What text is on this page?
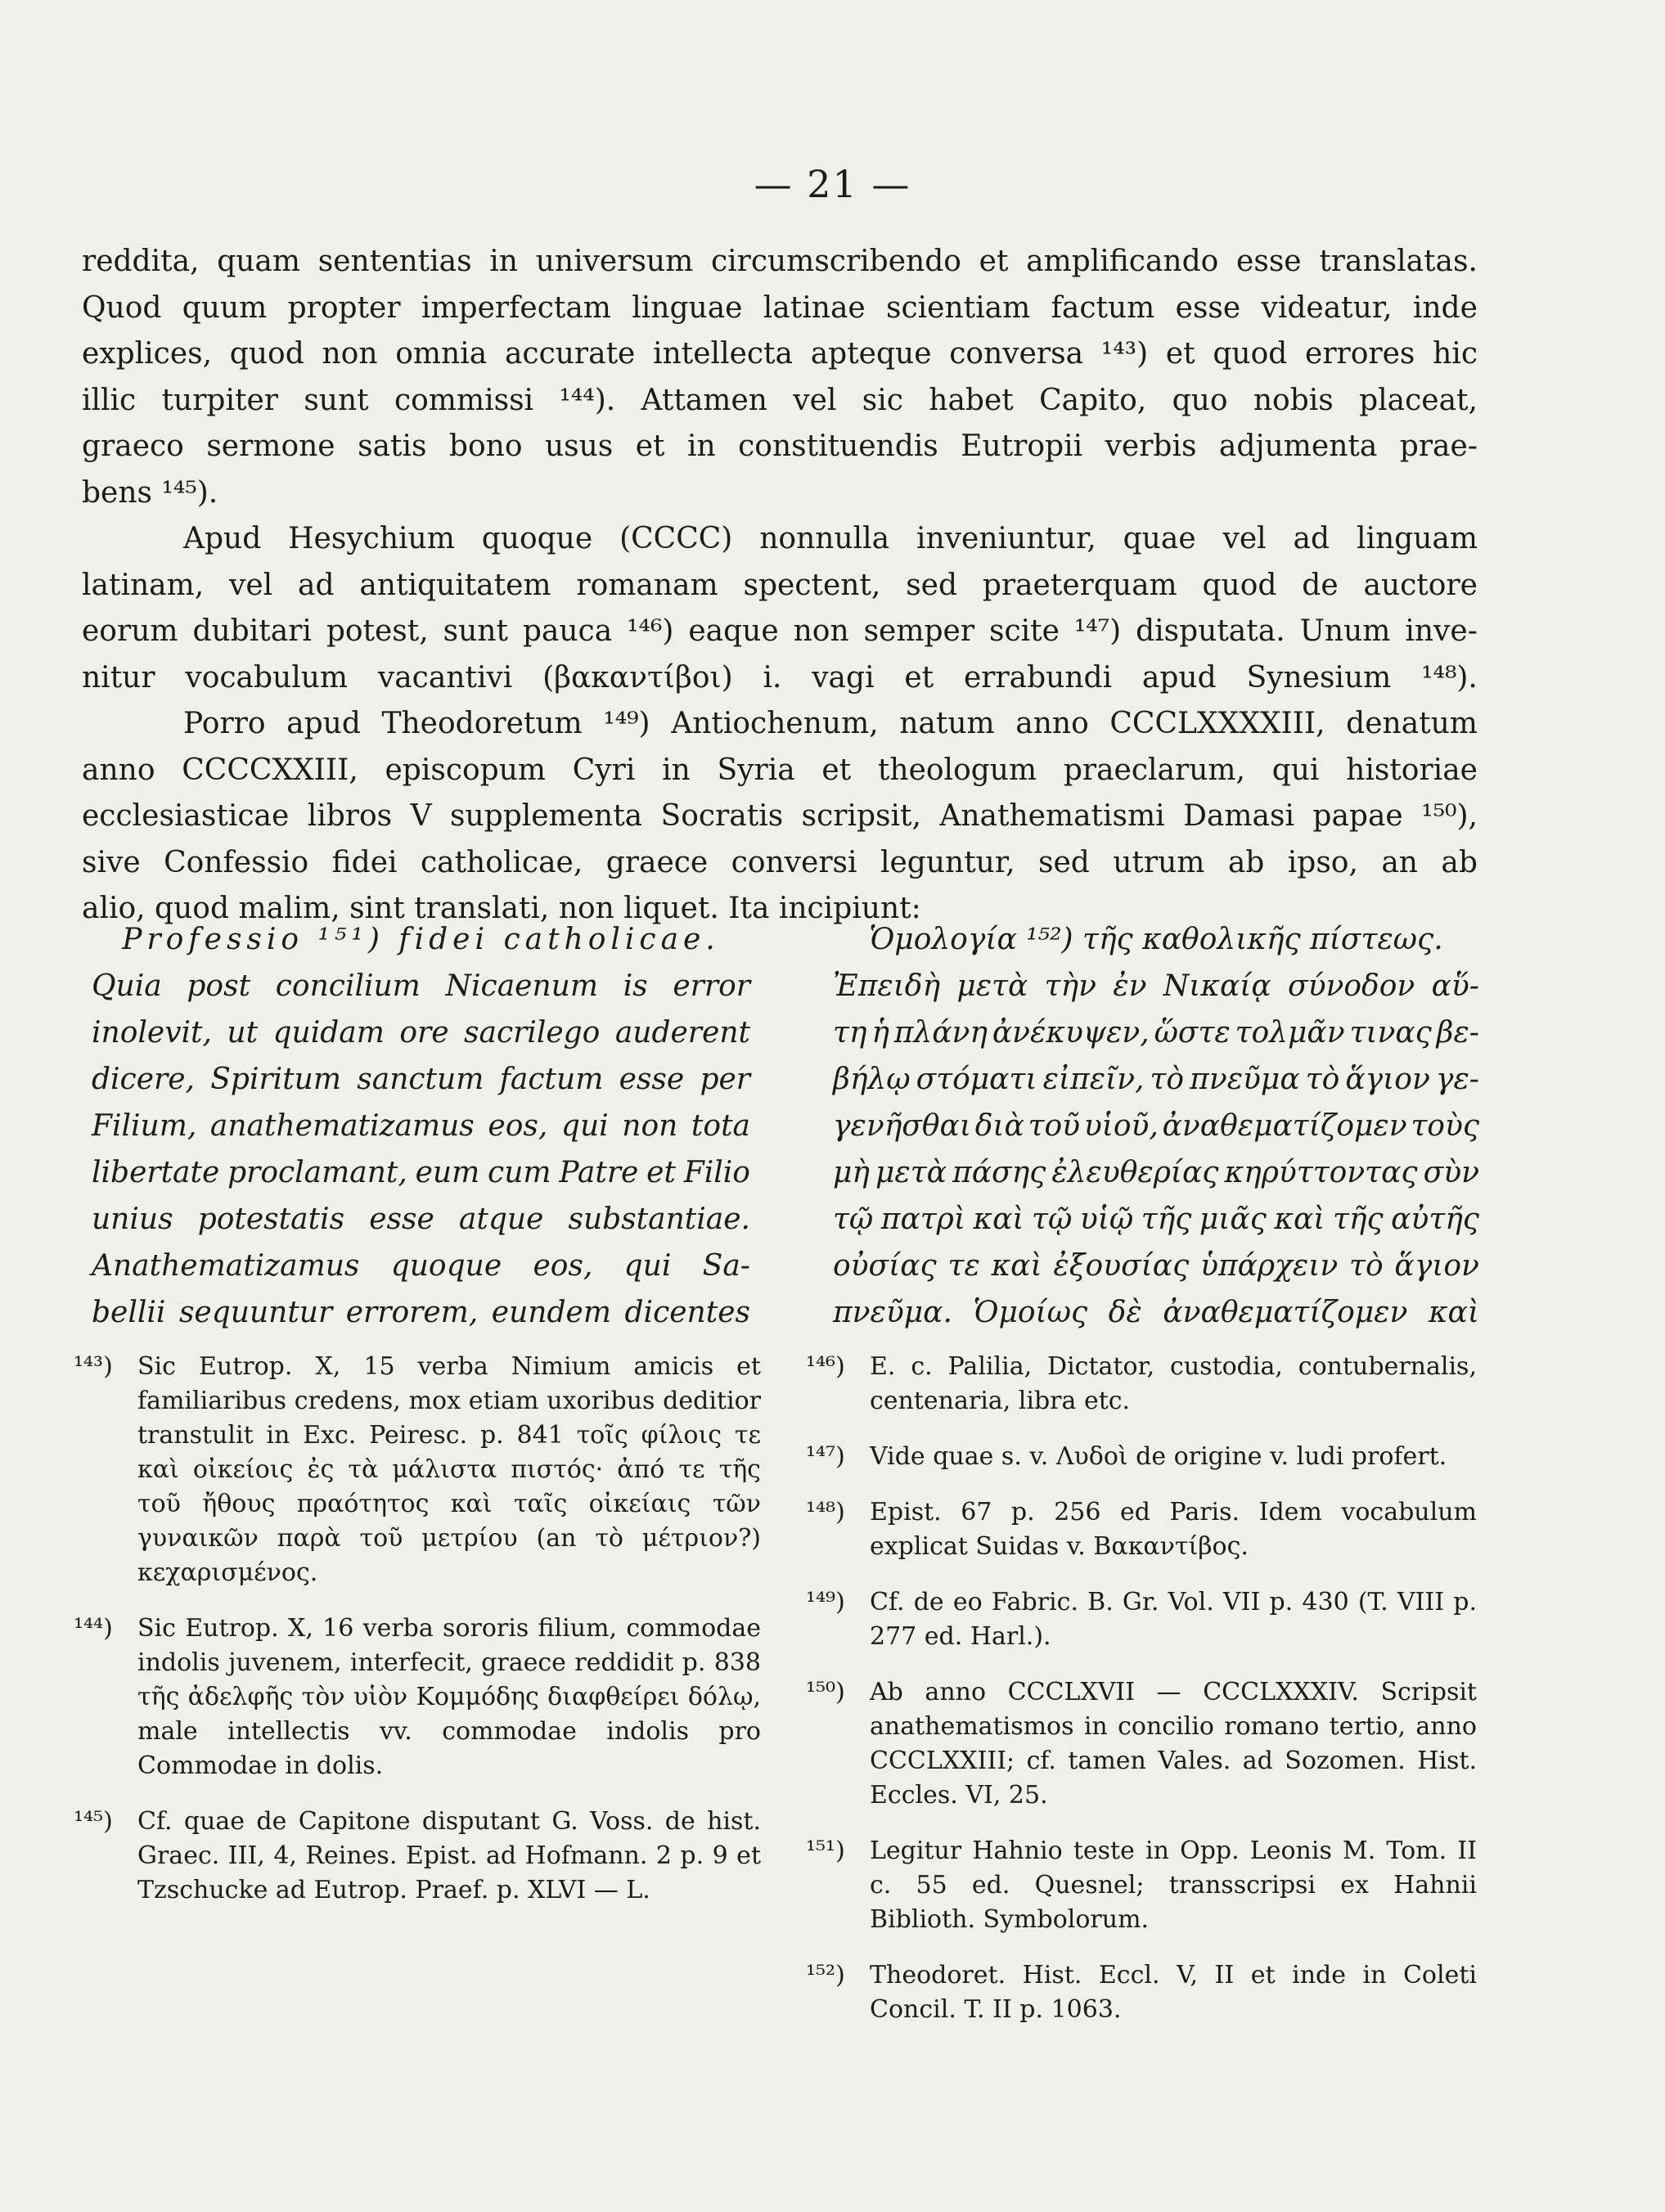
— 21 —
reddita, quam sententias in universum circumscribendo et amplificando esse translatas.
Quod quum propter imperfectam linguae latinae scientiam factum esse videatur, inde
explices, quod non omnia accurate intellecta apteque conversa ¹⁴³) et quod errores hic
illic turpiter sunt commissi ¹⁴⁴). Attamen vel sic habet Capito, quo nobis placeat,
graeco sermone satis bono usus et in constituendis Eutropii verbis adjumenta prae-
bens ¹⁴⁵).
Apud Hesychium quoque (CCCC) nonnulla inveniuntur, quae vel ad linguam
latinam, vel ad antiquitatem romanam spectent, sed praeterquam quod de auctore
eorum dubitari potest, sunt pauca ¹⁴⁶) eaque non semper scite ¹⁴⁷) disputata. Unum inve-
nitur vocabulum vacantivi (βακαντίβοι) i. vagi et errabundi apud Synesium ¹⁴⁸).
Porro apud Theodoretum ¹⁴⁹) Antiochenum, natum anno CCCLXXXXIII, denatum
anno CCCCXXIII, episcopum Cyri in Syria et theologum praeclarum, qui historiae
ecclesiasticae libros V supplementa Socratis scripsit, Anathematismi Damasi papae ¹⁵⁰),
sive Confessio fidei catholicae, graece conversi leguntur, sed utrum ab ipso, an ab
alio, quod malim, sint translati, non liquet. Ita incipiunt:
Professio ¹⁵¹) fidei catholicae.
Quia post concilium Nicaenum is error
inolevit, ut quidam ore sacrilego auderent
dicere, Spiritum sanctum factum esse per
Filium, anathematizamus eos, qui non tota
libertate proclamant, eum cum Patre et Filio
unius potestatis esse atque substantiae.
Anathematizamus quoque eos, qui Sa-
bellii sequuntur errorem, eundem dicentes
Ὁμολογία ¹⁵²) τῆς καθολικῆς πίστεως.
Ἐπειδὴ μετὰ τὴν ἐν Νικαίᾳ σύνοδον αὕ-
τη ἡ πλάνη ἀνέκυψεν, ὥστε τολμᾶν τινας βε-
βήλῳ στόματι εἰπεῖν, τὸ πνεῦμα τὸ ἅγιον γε-
γενῆσθαι διὰ τοῦ υἱοῦ, ἀναθεματίζομεν τοὺς
μὴ μετὰ πάσης ἐλευθερίας κηρύττοντας σὺν
τῷ πατρὶ καὶ τῷ υἱῷ τῆς μιᾶς καὶ τῆς αὐτῆς
οὐσίας τε καὶ ἐξουσίας ὑπάρχειν τὸ ἅγιον
πνεῦμα. Ὁμοίως δὲ ἀναθεματίζομεν καὶ
¹⁴³)	Sic Eutrop. X, 15 verba Nimium amicis et familiaribus credens, mox etiam uxoribus deditior transtulit in Exc. Peiresc. p. 841 τοῖς φίλοις τε καὶ οἰκείοις ἐς τὰ μάλιστα πιστός· ἀπό τε τῆς τοῦ ἤθους πραότητος καὶ ταῖς οἰκείαις τῶν γυναικῶν παρὰ τοῦ μετρίου (an τὸ μέτριον?) κεχαρισμένος.
¹⁴⁴)	Sic Eutrop. X, 16 verba sororis filium, commodae indolis juvenem, interfecit, graece reddidit p. 838 τῆς ἀδελφῆς τὸν υἱὸν Κομμόδης διαφθείρει δόλῳ, male intellectis vv. commodae indolis pro Commodae in dolis.
¹⁴⁵)	Cf. quae de Capitone disputant G. Voss. de hist. Graec. III, 4, Reines. Epist. ad Hofmann. 2 p. 9 et Tzschucke ad Eutrop. Praef. p. XLVI — L.
¹⁴⁶)	E. c. Palilia, Dictator, custodia, contubernalis, centenaria, libra etc.
¹⁴⁷)	Vide quae s. v. Λυδοὶ de origine v. ludi profert.
¹⁴⁸)	Epist. 67 p. 256 ed Paris. Idem vocabulum explicat Suidas v. Βακαντίβος.
¹⁴⁹)	Cf. de eo Fabric. B. Gr. Vol. VII p. 430 (T. VIII p. 277 ed. Harl.).
¹⁵⁰)	Ab anno CCCLXVII — CCCLXXXIV. Scripsit anathematismos in concilio romano tertio, anno CCCLXXIII; cf. tamen Vales. ad Sozomen. Hist. Eccles. VI, 25.
¹⁵¹)	Legitur Hahnio teste in Opp. Leonis M. Tom. II c. 55 ed. Quesnel; transscripsi ex Hahnii Biblioth. Symbolorum.
¹⁵²)	Theodoret. Hist. Eccl. V, II et inde in Coleti Concil. T. II p. 1063.
